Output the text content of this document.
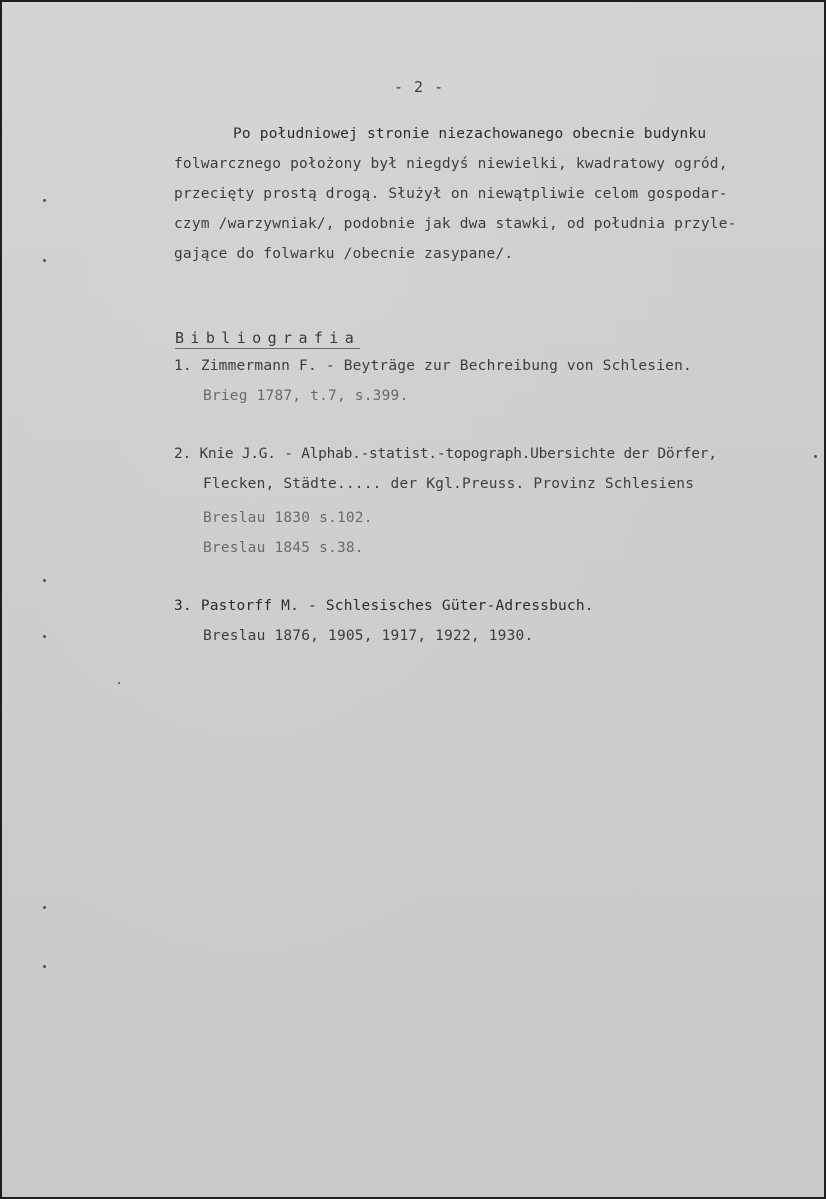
- 2 -
Po południowej stronie niezachowanego obecnie budynku
folwarcznego położony był niegdyś niewielki, kwadratowy ogród,
przecięty prostą drogą. Służył on niewątpliwie celom gospodar-
czym /warzywniak/, podobnie jak dwa stawki, od południa przyle-
gające do folwarku /obecnie zasypane/.
Bibliografia
1. Zimmermann F. - Beyträge zur Bechreibung von Schlesien.
Brieg 1787, t.7, s.399.
2. Knie J.G. - Alphab.-statist.-topograph.Ubersichte der Dörfer,
Flecken, Städte..... der Kgl.Preuss. Provinz Schlesiens
Breslau 1830 s.102.
Breslau 1845 s.38.
3. Pastorff M. - Schlesisches Güter-Adressbuch.
Breslau 1876, 1905, 1917, 1922, 1930.
